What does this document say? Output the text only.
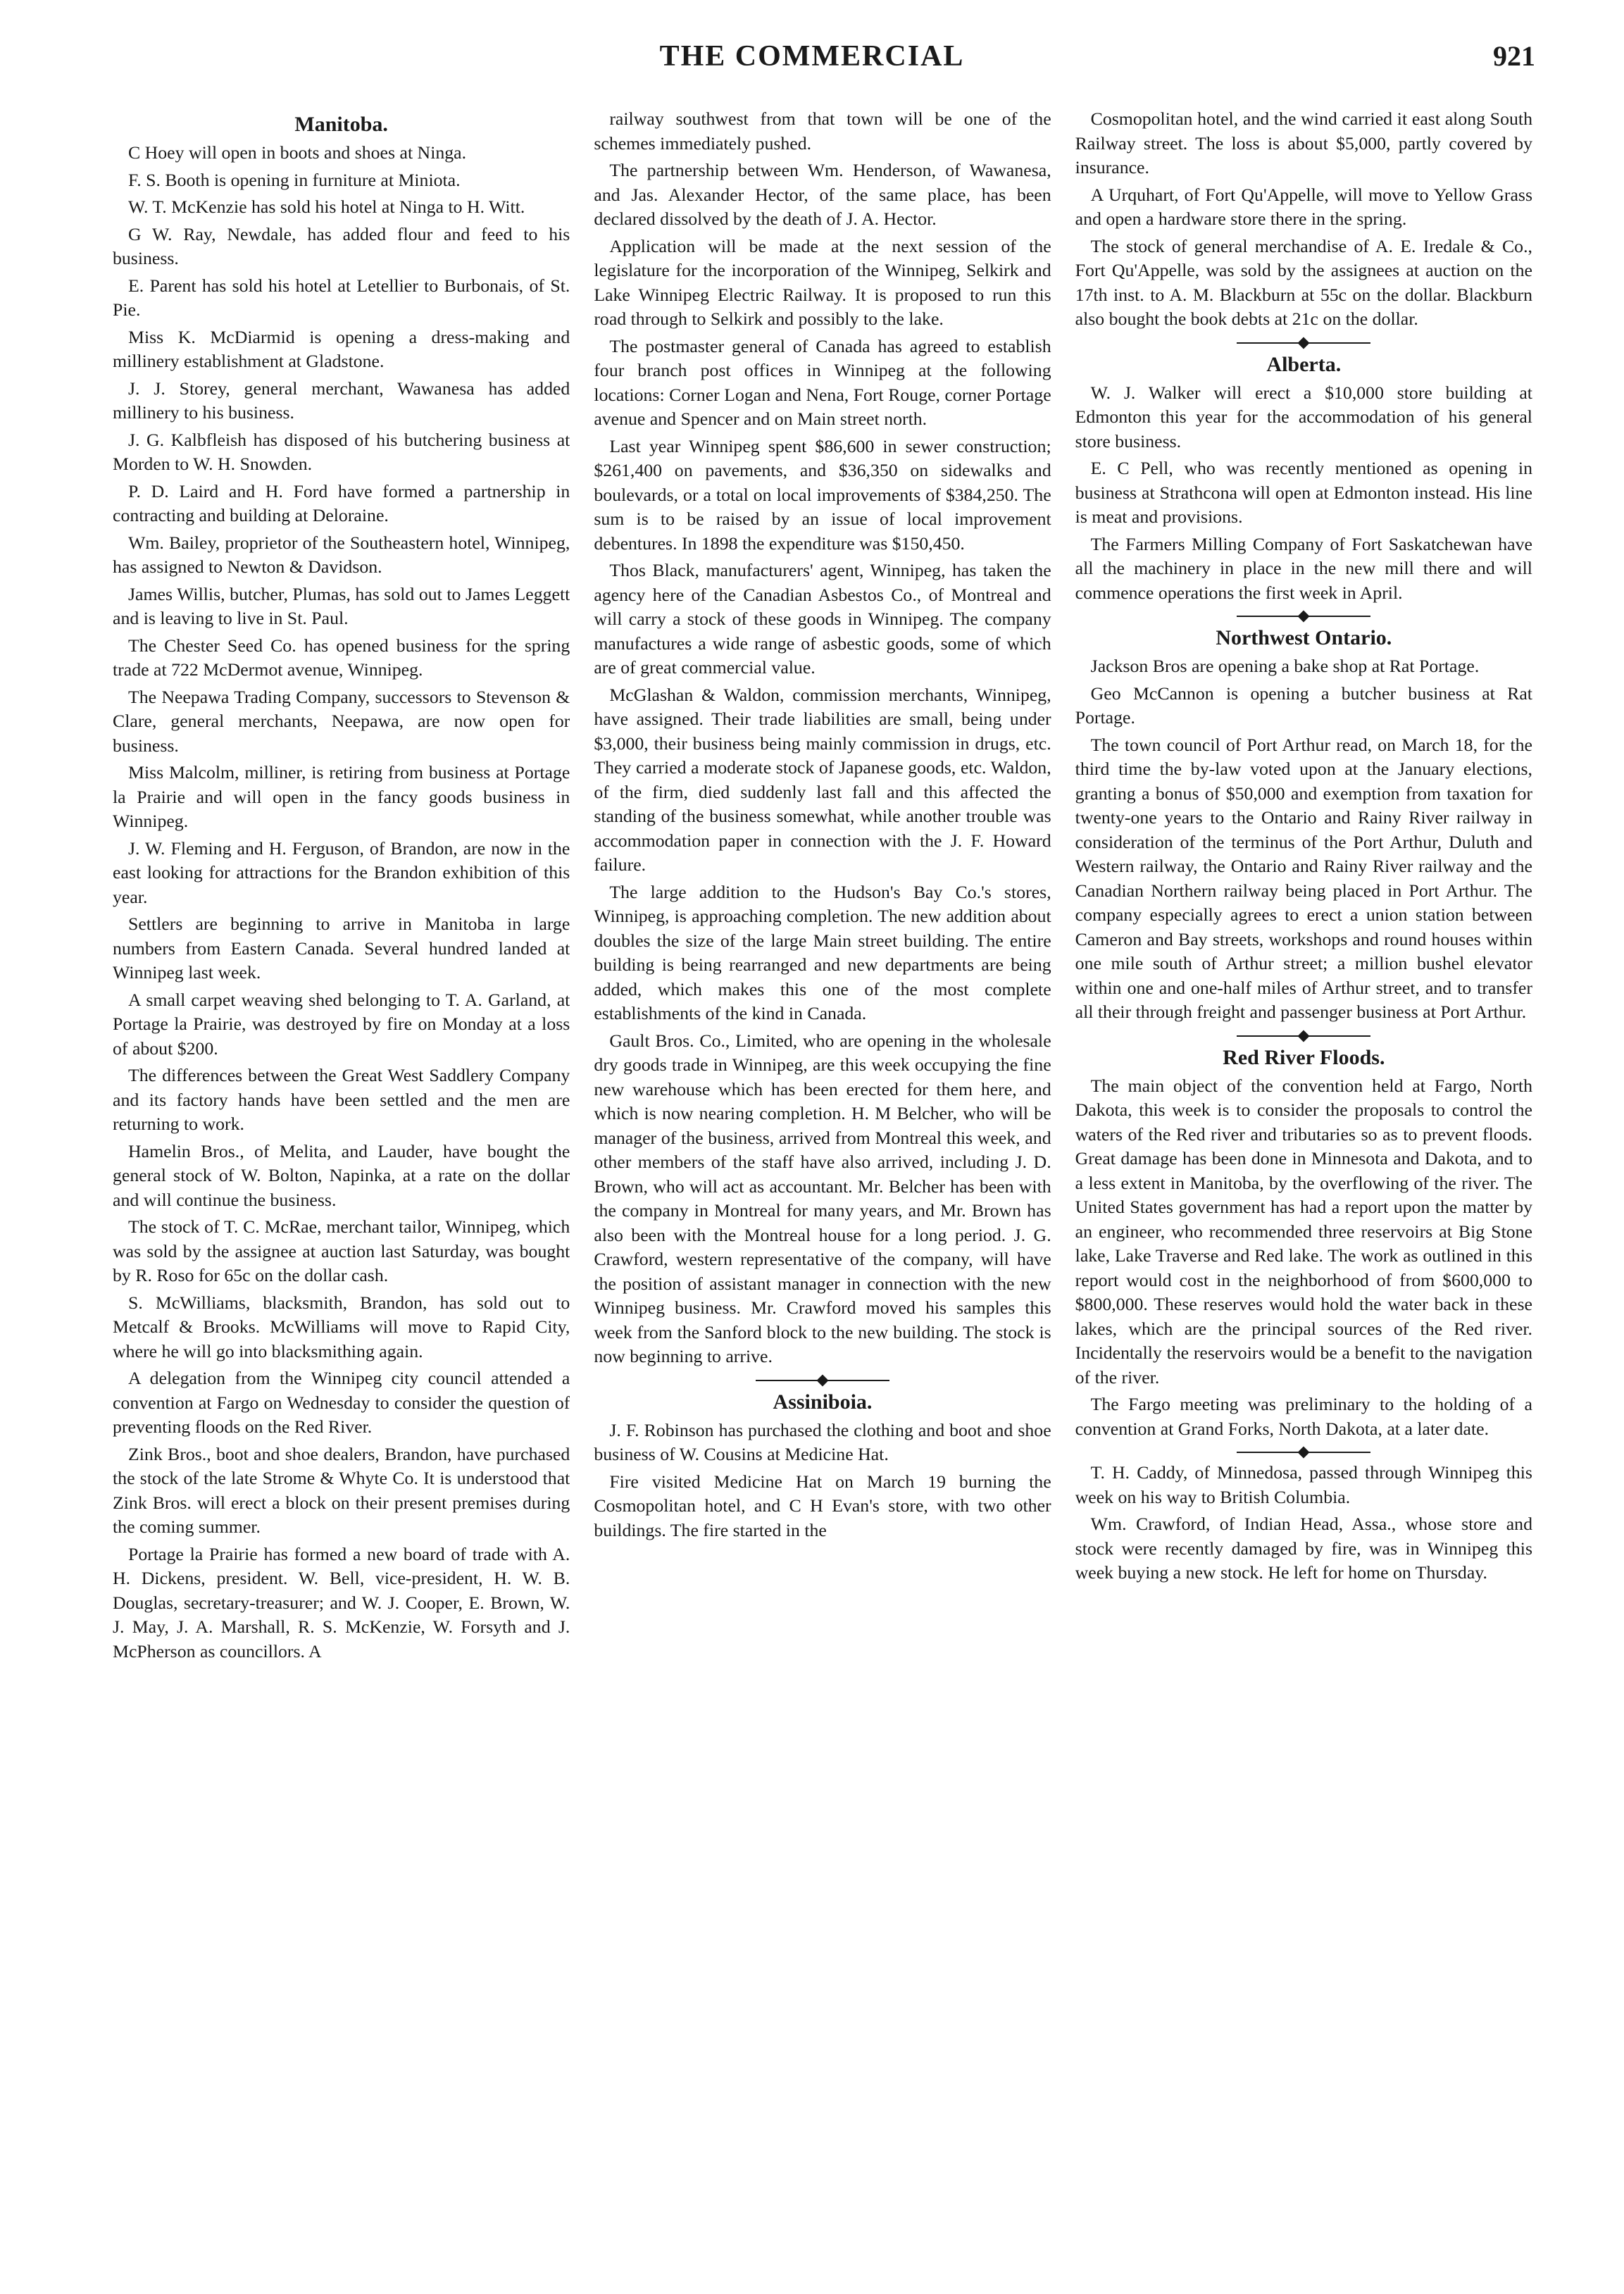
THE COMMERCIAL	921
Manitoba.

C Hoey will open in boots and shoes at Ninga.

F. S. Booth is opening in furniture at Miniota.

W. T. McKenzie has sold his hotel at Ninga to H. Witt.

G W. Ray, Newdale, has added flour and feed to his business.

E. Parent has sold his hotel at Letellier to Burbonais, of St. Pie.

Miss K. McDiarmid is opening a dress-making and millinery establishment at Gladstone.

J. J. Storey, general merchant, Wawanesa has added millinery to his business.

J. G. Kalbfleish has disposed of his butchering business at Morden to W. H. Snowden.

P. D. Laird and H. Ford have formed a partnership in contracting and building at Deloraine.

Wm. Bailey, proprietor of the Southeastern hotel, Winnipeg, has assigned to Newton & Davidson.

James Willis, butcher, Plumas, has sold out to James Leggett and is leaving to live in St. Paul.

The Chester Seed Co. has opened business for the spring trade at 722 McDermot avenue, Winnipeg.

The Neepawa Trading Company, successors to Stevenson & Clare, general merchants, Neepawa, are now open for business.

Miss Malcolm, milliner, is retiring from business at Portage la Prairie and will open in the fancy goods business in Winnipeg.

J. W. Fleming and H. Ferguson, of Brandon, are now in the east looking for attractions for the Brandon exhibition of this year.

Settlers are beginning to arrive in Manitoba in large numbers from Eastern Canada. Several hundred landed at Winnipeg last week.

A small carpet weaving shed belonging to T. A. Garland, at Portage la Prairie, was destroyed by fire on Monday at a loss of about $200.

The differences between the Great West Saddlery Company and its factory hands have been settled and the men are returning to work.

Hamelin Bros., of Melita, and Lauder, have bought the general stock of W. Bolton, Napinka, at a rate on the dollar and will continue the business.

The stock of T. C. McRae, merchant tailor, Winnipeg, which was sold by the assignee at auction last Saturday, was bought by R. Roso for 65c on the dollar cash.

S. McWilliams, blacksmith, Brandon, has sold out to Metcalf & Brooks. McWilliams will move to Rapid City, where he will go into blacksmithing again.

A delegation from the Winnipeg city council attended a convention at Fargo on Wednesday to consider the question of preventing floods on the Red River.

Zink Bros., boot and shoe dealers, Brandon, have purchased the stock of the late Strome & Whyte Co. It is understood that Zink Bros. will erect a block on their present premises during the coming summer.

Portage la Prairie has formed a new board of trade with A. H. Dickens, president. W. Bell, vice-president, H. W. B. Douglas, secretary-treasurer; and W. J. Cooper, E. Brown, W. J. May, J. A. Marshall, R. S. McKenzie, W. Forsyth and J. McPherson as councillors. A

railway southwest from that town will be one of the schemes immediately pushed.

The partnership between Wm. Henderson, of Wawanesa, and Jas. Alexander Hector, of the same place, has been declared dissolved by the death of J. A. Hector.

Application will be made at the next session of the legislature for the incorporation of the Winnipeg, Selkirk and Lake Winnipeg Electric Railway. It is proposed to run this road through to Selkirk and possibly to the lake.

The postmaster general of Canada has agreed to establish four branch post offices in Winnipeg at the following locations: Corner Logan and Nena, Fort Rouge, corner Portage avenue and Spencer and on Main street north.

Last year Winnipeg spent $86,600 in sewer construction; $261,400 on pavements, and $36,350 on sidewalks and boulevards, or a total on local improvements of $384,250. The sum is to be raised by an issue of local improvement debentures. In 1898 the expenditure was $150,450.

Thos Black, manufacturers' agent, Winnipeg, has taken the agency here of the Canadian Asbestos Co., of Montreal and will carry a stock of these goods in Winnipeg. The company manufactures a wide range of asbestic goods, some of which are of great commercial value.

McGlashan & Waldon, commission merchants, Winnipeg, have assigned. Their trade liabilities are small, being under $3,000, their business being mainly commission in drugs, etc. They carried a moderate stock of Japanese goods, etc. Waldon, of the firm, died suddenly last fall and this affected the standing of the business somewhat, while another trouble was accommodation paper in connection with the J. F. Howard failure.

The large addition to the Hudson's Bay Co.'s stores, Winnipeg, is approaching completion. The new addition about doubles the size of the large Main street building. The entire building is being rearranged and new departments are being added, which makes this one of the most complete establishments of the kind in Canada.

Gault Bros. Co., Limited, who are opening in the wholesale dry goods trade in Winnipeg, are this week occupying the fine new warehouse which has been erected for them here, and which is now nearing completion. H. M Belcher, who will be manager of the business, arrived from Montreal this week, and other members of the staff have also arrived, including J. D. Brown, who will act as accountant. Mr. Belcher has been with the company in Montreal for many years, and Mr. Brown has also been with the Montreal house for a long period. J. G. Crawford, western representative of the company, will have the position of assistant manager in connection with the new Winnipeg business. Mr. Crawford moved his samples this week from the Sanford block to the new building. The stock is now beginning to arrive.

Assiniboia.

J. F. Robinson has purchased the clothing and boot and shoe business of W. Cousins at Medicine Hat.

Fire visited Medicine Hat on March 19 burning the Cosmopolitan hotel, and C H Evan's store, with two other buildings. The fire started in the

Cosmopolitan hotel, and the wind carried it east along South Railway street. The loss is about $5,000, partly covered by insurance.

A Urquhart, of Fort Qu'Appelle, will move to Yellow Grass and open a hardware store there in the spring.

The stock of general merchandise of A. E. Iredale & Co., Fort Qu'Appelle, was sold by the assignees at auction on the 17th inst. to A. M. Blackburn at 55c on the dollar. Blackburn also bought the book debts at 21c on the dollar.

Alberta.

W. J. Walker will erect a $10,000 store building at Edmonton this year for the accommodation of his general store business.

E. C Pell, who was recently mentioned as opening in business at Strathcona will open at Edmonton instead. His line is meat and provisions.

The Farmers Milling Company of Fort Saskatchewan have all the machinery in place in the new mill there and will commence operations the first week in April.

Northwest Ontario.

Jackson Bros are opening a bake shop at Rat Portage.

Geo McCannon is opening a butcher business at Rat Portage.

The town council of Port Arthur read, on March 18, for the third time the by-law voted upon at the January elections, granting a bonus of $50,000 and exemption from taxation for twenty-one years to the Ontario and Rainy River railway in consideration of the terminus of the Port Arthur, Duluth and Western railway, the Ontario and Rainy River railway and the Canadian Northern railway being placed in Port Arthur. The company especially agrees to erect a union station between Cameron and Bay streets, workshops and round houses within one mile south of Arthur street; a million bushel elevator within one and one-half miles of Arthur street, and to transfer all their through freight and passenger business at Port Arthur.

Red River Floods.

The main object of the convention held at Fargo, North Dakota, this week is to consider the proposals to control the waters of the Red river and tributaries so as to prevent floods. Great damage has been done in Minnesota and Dakota, and to a less extent in Manitoba, by the overflowing of the river. The United States government has had a report upon the matter by an engineer, who recommended three reservoirs at Big Stone lake, Lake Traverse and Red lake. The work as outlined in this report would cost in the neighborhood of from $600,000 to $800,000. These reserves would hold the water back in these lakes, which are the principal sources of the Red river. Incidentally the reservoirs would be a benefit to the navigation of the river.

The Fargo meeting was preliminary to the holding of a convention at Grand Forks, North Dakota, at a later date.

T. H. Caddy, of Minnedosa, passed through Winnipeg this week on his way to British Columbia.

Wm. Crawford, of Indian Head, Assa., whose store and stock were recently damaged by fire, was in Winnipeg this week buying a new stock. He left for home on Thursday.
